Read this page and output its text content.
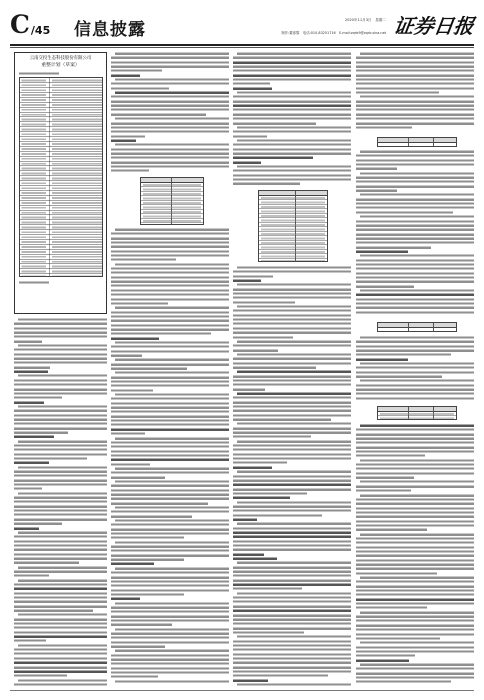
C /45 信息披露	2020年11月3日　星期二
制作:董寒黎　电话:010-83251716　E-mail:zqrb9@zqrb.sina.net 证券日报
云南交投生态科技股份有限公司
重整计划（草案）
